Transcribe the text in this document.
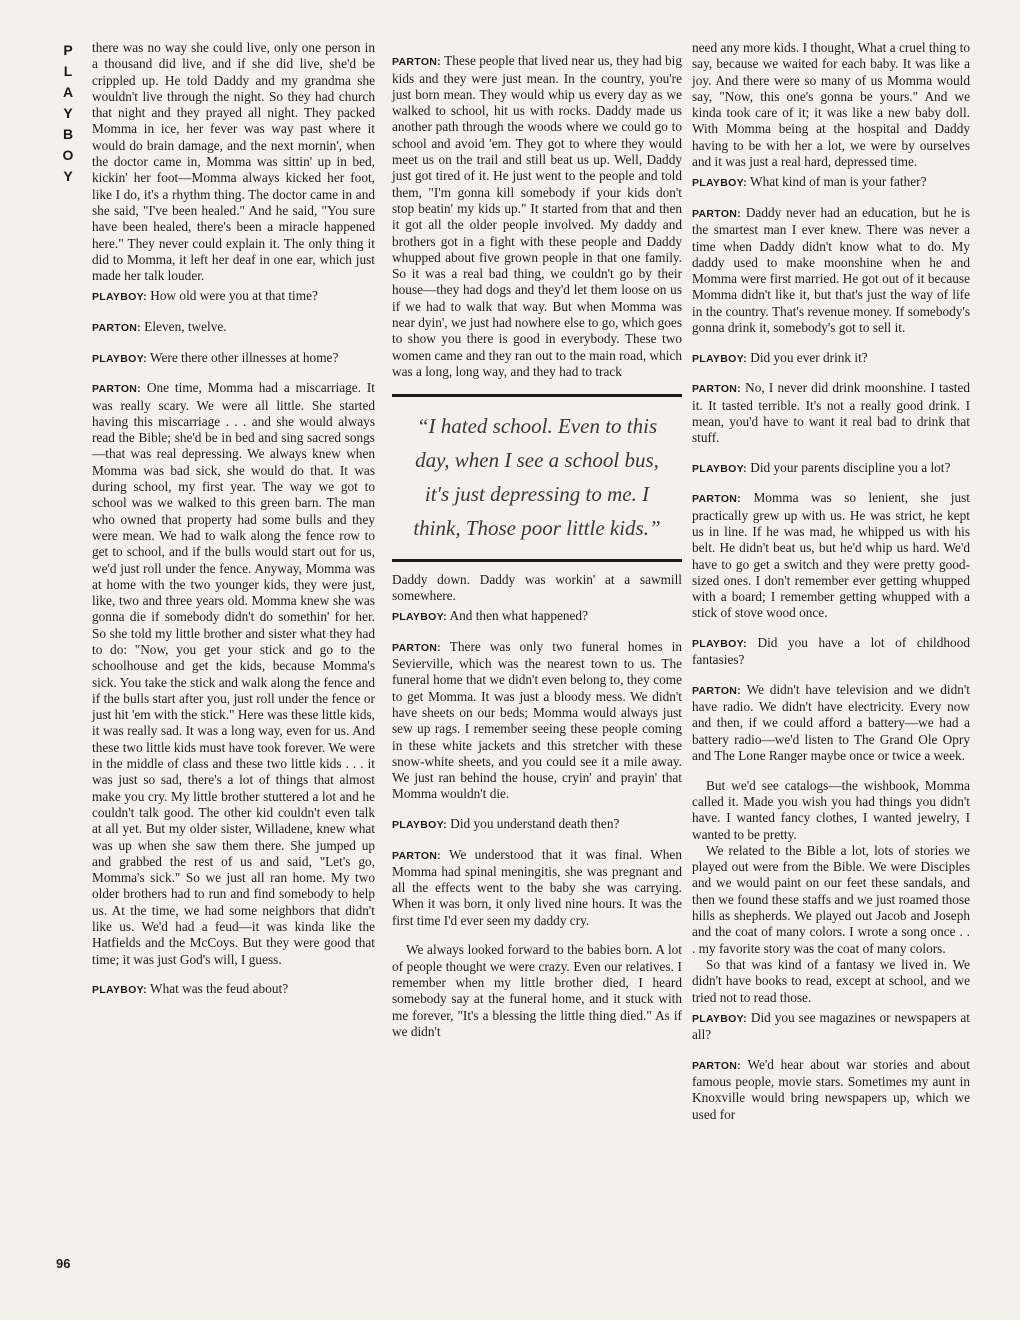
P
L
A
Y
B
O
Y
96

there was no way she could live, only one person in a thousand did live, and if she did live, she'd be crippled up. He told Daddy and my grandma she wouldn't live through the night. So they had church that night and they prayed all night. They packed Momma in ice, her fever was way past where it would do brain damage, and the next mornin', when the doctor came in, Momma was sittin' up in bed, kickin' her foot—Momma always kicked her foot, like I do, it's a rhythm thing. The doctor came in and she said, "I've been healed." And he said, "You sure have been healed, there's been a miracle happened here." They never could explain it. The only thing it did to Momma, it left her deaf in one ear, which just made her talk louder.

PLAYBOY: How old were you at that time?

PARTON: Eleven, twelve.

PLAYBOY: Were there other illnesses at home?

PARTON: One time, Momma had a miscarriage. It was really scary. We were all little. She started having this miscarriage . . . and she would always read the Bible; she'd be in bed and sing sacred songs—that was real depressing. We always knew when Momma was bad sick, she would do that. It was during school, my first year. The way we got to school was we walked to this green barn. The man who owned that property had some bulls and they were mean. We had to walk along the fence row to get to school, and if the bulls would start out for us, we'd just roll under the fence. Anyway, Momma was at home with the two younger kids, they were just, like, two and three years old. Momma knew she was gonna die if somebody didn't do somethin' for her. So she told my little brother and sister what they had to do: "Now, you get your stick and go to the schoolhouse and get the kids, because Momma's sick. You take the stick and walk along the fence and if the bulls start after you, just roll under the fence or just hit 'em with the stick." Here was these little kids, it was really sad. It was a long way, even for us. And these two little kids must have took forever. We were in the middle of class and these two little kids . . . it was just so sad, there's a lot of things that almost make you cry. My little brother stuttered a lot and he couldn't talk good. The other kid couldn't even talk at all yet. But my older sister, Willadene, knew what was up when she saw them there. She jumped up and grabbed the rest of us and said, "Let's go, Momma's sick." So we just all ran home. My two older brothers had to run and find somebody to help us. At the time, we had some neighbors that didn't like us. We'd had a feud—it was kinda like the Hatfields and the McCoys. But they were good that time; it was just God's will, I guess.

PLAYBOY: What was the feud about?

PARTON: These people that lived near us, they had big kids and they were just mean. In the country, you're just born mean. They would whip us every day as we walked to school, hit us with rocks. Daddy made us another path through the woods where we could go to school and avoid 'em. They got to where they would meet us on the trail and still beat us up. Well, Daddy just got tired of it. He just went to the people and told them, "I'm gonna kill somebody if your kids don't stop beatin' my kids up." It started from that and then it got all the older people involved. My daddy and brothers got in a fight with these people and Daddy whupped about five grown people in that one family. So it was a real bad thing, we couldn't go by their house—they had dogs and they'd let them loose on us if we had to walk that way. But when Momma was near dyin', we just had nowhere else to go, which goes to show you there is good in everybody. These two women came and they ran out to the main road, which was a long, long way, and they had to track

“I hated school. Even to this day, when I see a school bus, it's just depressing to me. I think, Those poor little kids.”

Daddy down. Daddy was workin' at a sawmill somewhere.

PLAYBOY: And then what happened?

PARTON: There was only two funeral homes in Sevierville, which was the nearest town to us. The funeral home that we didn't even belong to, they come to get Momma. It was just a bloody mess. We didn't have sheets on our beds; Momma would always just sew up rags. I remember seeing these people coming in these white jackets and this stretcher with these snow-white sheets, and you could see it a mile away. We just ran behind the house, cryin' and prayin' that Momma wouldn't die.

PLAYBOY: Did you understand death then?

PARTON: We understood that it was final. When Momma had spinal meningitis, she was pregnant and all the effects went to the baby she was carrying. When it was born, it only lived nine hours. It was the first time I'd ever seen my daddy cry.

We always looked forward to the babies born. A lot of people thought we were crazy. Even our relatives. I remember when my little brother died, I heard somebody say at the funeral home, and it stuck with me forever, "It's a blessing the little thing died." As if we didn't

need any more kids. I thought, What a cruel thing to say, because we waited for each baby. It was like a joy. And there were so many of us Momma would say, "Now, this one's gonna be yours." And we kinda took care of it; it was like a new baby doll. With Momma being at the hospital and Daddy having to be with her a lot, we were by ourselves and it was just a real hard, depressed time.

PLAYBOY: What kind of man is your father?

PARTON: Daddy never had an education, but he is the smartest man I ever knew. There was never a time when Daddy didn't know what to do. My daddy used to make moonshine when he and Momma were first married. He got out of it because Momma didn't like it, but that's just the way of life in the country. That's revenue money. If somebody's gonna drink it, somebody's got to sell it.

PLAYBOY: Did you ever drink it?

PARTON: No, I never did drink moonshine. I tasted it. It tasted terrible. It's not a really good drink. I mean, you'd have to want it real bad to drink that stuff.

PLAYBOY: Did your parents discipline you a lot?

PARTON: Momma was so lenient, she just practically grew up with us. He was strict, he kept us in line. If he was mad, he whipped us with his belt. He didn't beat us, but he'd whip us hard. We'd have to go get a switch and they were pretty good-sized ones. I don't remember ever getting whupped with a board; I remember getting whupped with a stick of stove wood once.

PLAYBOY: Did you have a lot of childhood fantasies?

PARTON: We didn't have television and we didn't have radio. We didn't have electricity. Every now and then, if we could afford a battery—we had a battery radio—we'd listen to The Grand Ole Opry and The Lone Ranger maybe once or twice a week.

But we'd see catalogs—the wishbook, Momma called it. Made you wish you had things you didn't have. I wanted fancy clothes, I wanted jewelry, I wanted to be pretty.

We related to the Bible a lot, lots of stories we played out were from the Bible. We were Disciples and we would paint on our feet these sandals, and then we found these staffs and we just roamed those hills as shepherds. We played out Jacob and Joseph and the coat of many colors. I wrote a song once . . . my favorite story was the coat of many colors.

So that was kind of a fantasy we lived in. We didn't have books to read, except at school, and we tried not to read those.

PLAYBOY: Did you see magazines or newspapers at all?

PARTON: We'd hear about war stories and about famous people, movie stars. Sometimes my aunt in Knoxville would bring newspapers up, which we used for
